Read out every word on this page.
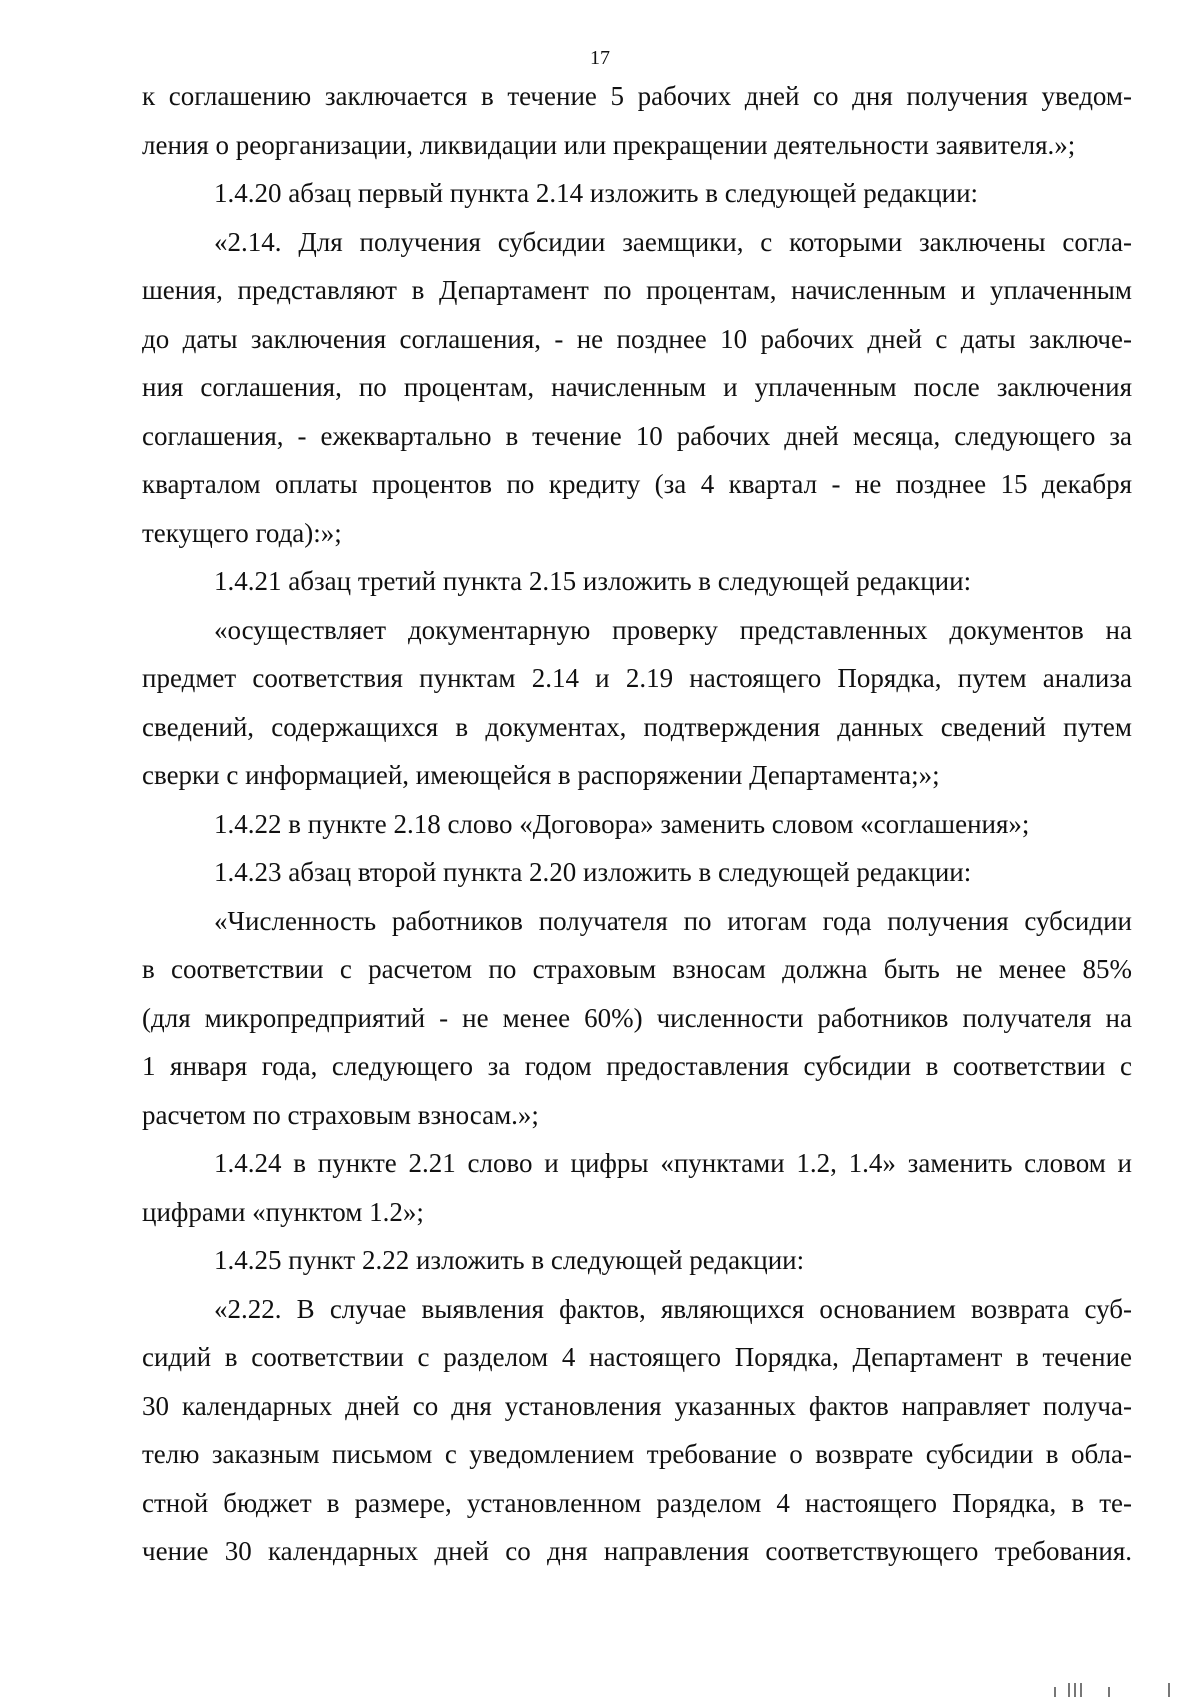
17
к соглашению заключается в течение 5 рабочих дней со дня получения уведом-
ления о реорганизации, ликвидации или прекращении деятельности заявителя.»;
1.4.20 абзац первый пункта 2.14 изложить в следующей редакции:
«2.14. Для получения субсидии заемщики, с которыми заключены согла-
шения, представляют в Департамент по процентам, начисленным и уплаченным
до даты заключения соглашения, - не позднее 10 рабочих дней с даты заключе-
ния соглашения, по процентам, начисленным и уплаченным после заключения
соглашения, - ежеквартально в течение 10 рабочих дней месяца, следующего за
кварталом оплаты процентов по кредиту (за 4 квартал - не позднее 15 декабря
текущего года):»;
1.4.21 абзац третий пункта 2.15 изложить в следующей редакции:
«осуществляет документарную проверку представленных документов на
предмет соответствия пунктам 2.14 и 2.19 настоящего Порядка, путем анализа
сведений, содержащихся в документах, подтверждения данных сведений путем
сверки с информацией, имеющейся в распоряжении Департамента;»;
1.4.22 в пункте 2.18 слово «Договора» заменить словом «соглашения»;
1.4.23 абзац второй пункта 2.20 изложить в следующей редакции:
«Численность работников получателя по итогам года получения субсидии
в соответствии с расчетом по страховым взносам должна быть не менее 85%
(для микропредприятий - не менее 60%) численности работников получателя на
1 января года, следующего за годом предоставления субсидии в соответствии с
расчетом по страховым взносам.»;
1.4.24 в пункте 2.21 слово и цифры «пунктами 1.2, 1.4» заменить словом и
цифрами «пунктом 1.2»;
1.4.25 пункт 2.22 изложить в следующей редакции:
«2.22. В случае выявления фактов, являющихся основанием возврата суб-
сидий в соответствии с разделом 4 настоящего Порядка, Департамент в течение
30 календарных дней со дня установления указанных фактов направляет получа-
телю заказным письмом с уведомлением требование о возврате субсидии в обла-
стной бюджет в размере, установленном разделом 4 настоящего Порядка, в те-
чение 30 календарных дней со дня направления соответствующего требования.
